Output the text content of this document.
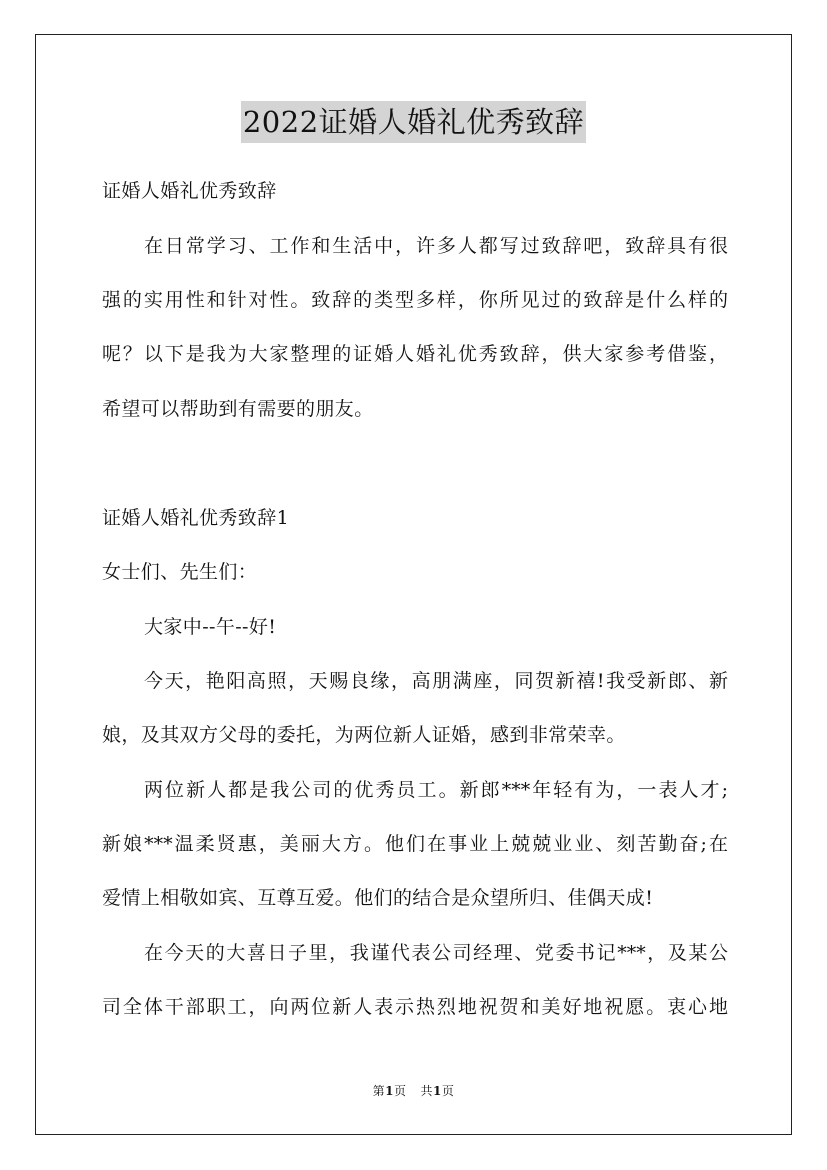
2022证婚人婚礼优秀致辞
证婚人婚礼优秀致辞
在日常学习、工作和生活中，许多人都写过致辞吧，致辞具有很
强的实用性和针对性。致辞的类型多样，你所见过的致辞是什么样的
呢？以下是我为大家整理的证婚人婚礼优秀致辞，供大家参考借鉴，
希望可以帮助到有需要的朋友。
证婚人婚礼优秀致辞1
女士们、先生们：
大家中--午--好!
今天，艳阳高照，天赐良缘，高朋满座，同贺新禧!我受新郎、新
娘，及其双方父母的委托，为两位新人证婚，感到非常荣幸。
两位新人都是我公司的优秀员工。新郎***年轻有为，一表人才;
新娘***温柔贤惠，美丽大方。他们在事业上兢兢业业、刻苦勤奋;在
爱情上相敬如宾、互尊互爱。他们的结合是众望所归、佳偶天成!
在今天的大喜日子里，我谨代表公司经理、党委书记***，及某公
司全体干部职工，向两位新人表示热烈地祝贺和美好地祝愿。衷心地
第1页 共1页
